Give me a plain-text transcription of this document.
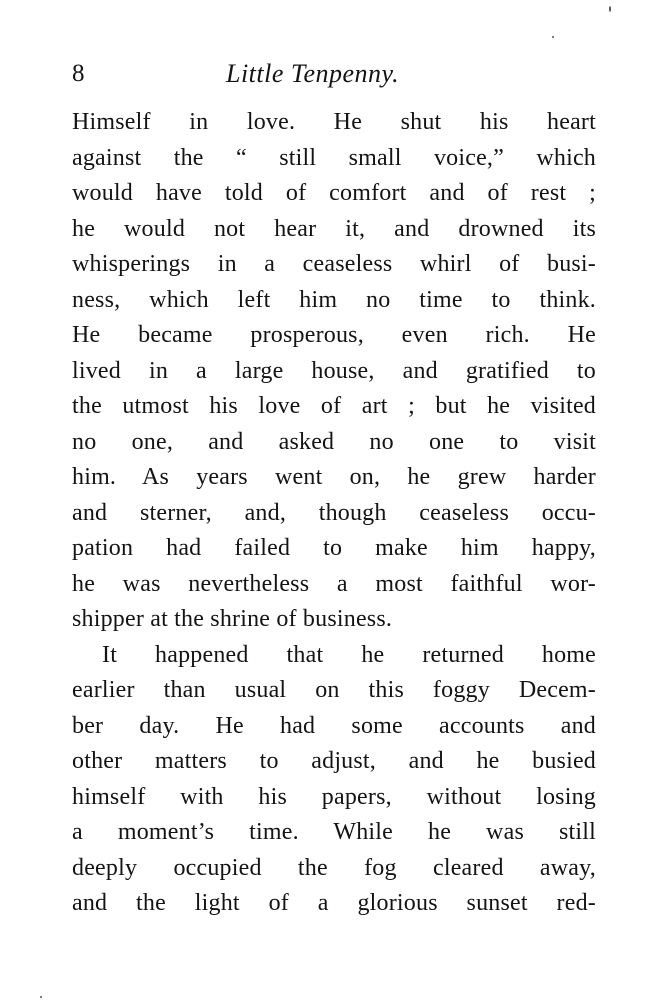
8	Little Tenpenny.
Himself in love. He shut his heart
against the “ still small voice,” which
would have told of comfort and of rest ;
he would not hear it, and drowned its
whisperings in a ceaseless whirl of busi-
ness, which left him no time to think.
He became prosperous, even rich. He
lived in a large house, and gratified to
the utmost his love of art ; but he visited
no one, and asked no one to visit
him. As years went on, he grew harder
and sterner, and, though ceaseless occu-
pation had failed to make him happy,
he was nevertheless a most faithful wor-
shipper at the shrine of business.
It happened that he returned home
earlier than usual on this foggy Decem-
ber day. He had some accounts and
other matters to adjust, and he busied
himself with his papers, without losing
a moment’s time. While he was still
deeply occupied the fog cleared away,
and the light of a glorious sunset red-
